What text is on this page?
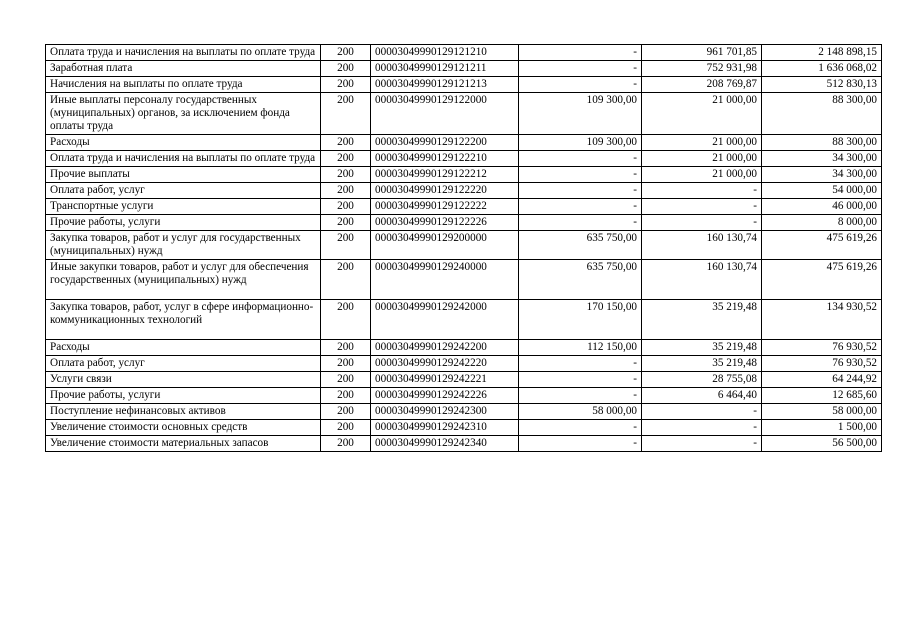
Оплата труда и начисления на выплаты по оплате труда	200	00003049990129121210	-	961 701,85	2 148 898,15
Заработная плата	200	00003049990129121211	-	752 931,98	1 636 068,02
Начисления на выплаты по оплате труда	200	00003049990129121213	-	208 769,87	512 830,13
Иные выплаты персоналу государственных (муниципальных) органов, за исключением фонда оплаты труда	200	00003049990129122000	109 300,00	21 000,00	88 300,00
Расходы	200	00003049990129122200	109 300,00	21 000,00	88 300,00
Оплата труда и начисления на выплаты по оплате труда	200	00003049990129122210	-	21 000,00	34 300,00
Прочие выплаты	200	00003049990129122212	-	21 000,00	34 300,00
Оплата работ, услуг	200	00003049990129122220	-	-	54 000,00
Транспортные услуги	200	00003049990129122222	-	-	46 000,00
Прочие работы, услуги	200	00003049990129122226	-	-	8 000,00
Закупка товаров, работ и услуг для государственных (муниципальных) нужд	200	00003049990129200000	635 750,00	160 130,74	475 619,26
Иные закупки товаров, работ и услуг для обеспечения государственных (муниципальных) нужд	200	00003049990129240000	635 750,00	160 130,74	475 619,26
Закупка товаров, работ, услуг в сфере информационно-коммуникационных технологий	200	00003049990129242000	170 150,00	35 219,48	134 930,52
Расходы	200	00003049990129242200	112 150,00	35 219,48	76 930,52
Оплата работ, услуг	200	00003049990129242220	-	35 219,48	76 930,52
Услуги связи	200	00003049990129242221	-	28 755,08	64 244,92
Прочие работы, услуги	200	00003049990129242226	-	6 464,40	12 685,60
Поступление нефинансовых активов	200	00003049990129242300	58 000,00	-	58 000,00
Увеличение стоимости основных средств	200	00003049990129242310	-	-	1 500,00
Увеличение стоимости материальных запасов	200	00003049990129242340	-	-	56 500,00
